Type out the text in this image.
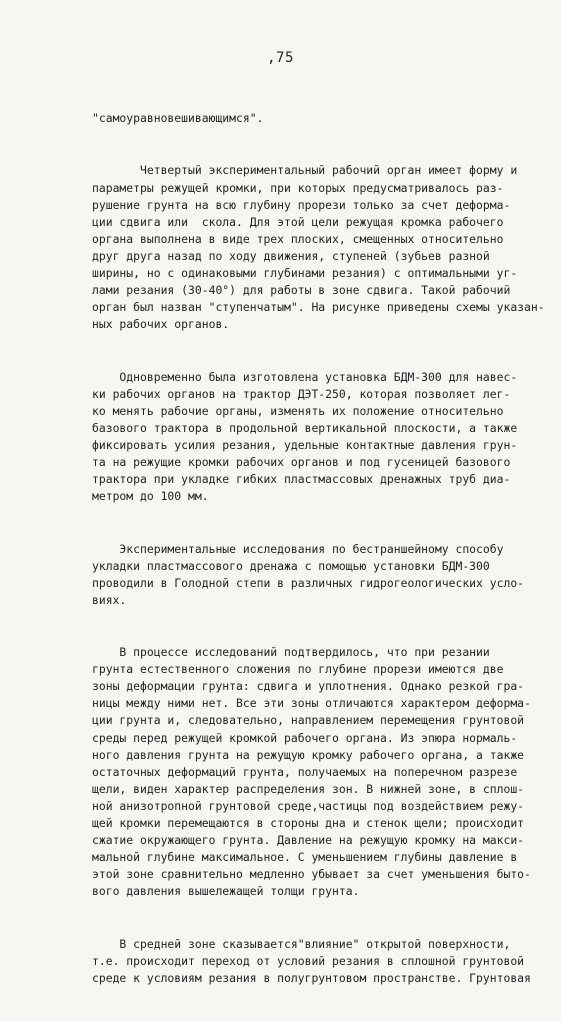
,75

"самоуравновешивающимся".

Четвертый экспериментальный рабочий орган имеет форму и
параметры режущей кромки, при которых предусматривалось раз-
рушение грунта на всю глубину прорези только за счет деформа-
ции сдвига или  скола. Для этой цели режущая кромка рабочего
органа выполнена в виде трех плоских, смещенных относительно
друг друга назад по ходу движения, ступеней (зубьев разной
ширины, но с одинаковыми глубинами резания) с оптимальными уг-
лами резания (30-40°) для работы в зоне сдвига. Такой рабочий
орган был назван "ступенчатым". На рисунке приведены схемы указан-
ных рабочих органов.

Одновременно была изготовлена установка БДМ-300 для навес-
ки рабочих органов на трактор ДЭТ-250, которая позволяет лег-
ко менять рабочие органы, изменять их положение относительно
базового трактора в продольной вертикальной плоскости, а также
фиксировать усилия резания, удельные контактные давления грун-
та на режущие кромки рабочих органов и под гусеницей базового
трактора при укладке гибких пластмассовых дренажных труб диа-
метром до 100 мм.

Экспериментальные исследования по бестраншейному способу
укладки пластмассового дренажа с помощью установки БДМ-300
проводили в Голодной степи в различных гидрогеологических усло-
виях.

В процессе исследований подтвердилось, что при резании
грунта естественного сложения по глубине прорези имеются две
зоны деформации грунта: сдвига и уплотнения. Однако резкой гра-
ницы между ними нет. Все эти зоны отличаются характером деформа-
ции грунта и, следовательно, направлением перемещения грунтовой
среды перед режущей кромкой рабочего органа. Из эпюра нормаль-
ного давления грунта на режущую кромку рабочего органа, а также
остаточных деформаций грунта, получаемых на поперечном разрезе
щели, виден характер распределения зон. В нижней зоне, в сплош-
ной анизотропной грунтовой среде,частицы под воздействием режу-
щей кромки перемещаются в стороны дна и стенок щели; происходит
сжатие окружающего грунта. Давление на режущую кромку на макси-
мальной глубине максимальное. С уменьшением глубины давление в
этой зоне сравнительно медленно убывает за счет уменьшения быто-
вого давления вышележащей толщи грунта.

В средней зоне сказывается"влияние" открытой поверхности,
т.е. происходит переход от условий резания в сплошной грунтовой
среде к условиям резания в полугрунтовом пространстве. Грунтовая
